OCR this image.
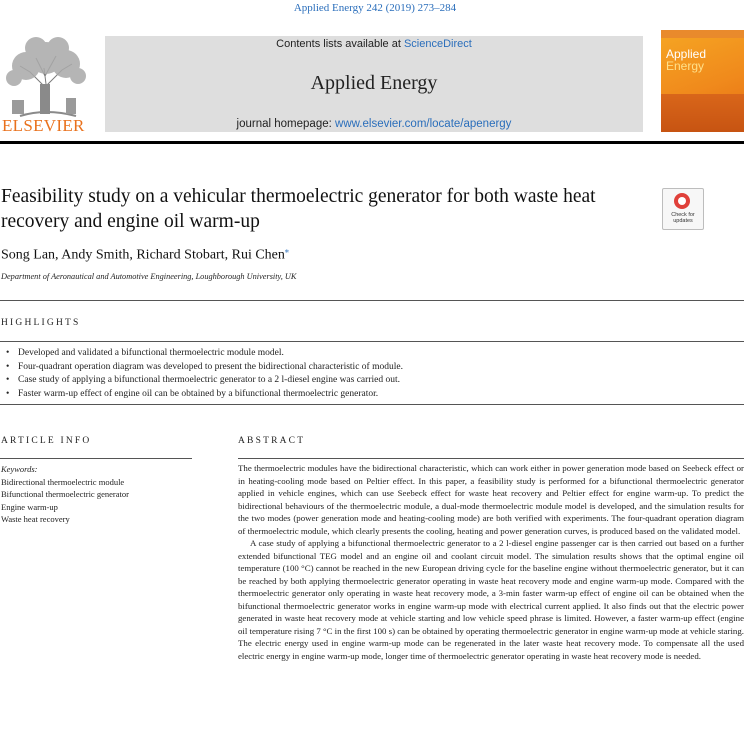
Applied Energy 242 (2019) 273–284
ELSEVIER
Contents lists available at ScienceDirect
Applied Energy
journal homepage: www.elsevier.com/locate/apenergy
Applied
Energy
Feasibility study on a vehicular thermoelectric generator for both waste heat recovery and engine oil warm-up	Check for updates
Song Lan, Andy Smith, Richard Stobart, Rui Chen⁎
Department of Aeronautical and Automotive Engineering, Loughborough University, UK
HIGHLIGHTS
• Developed and validated a bifunctional thermoelectric module model.
• Four-quadrant operation diagram was developed to present the bidirectional characteristic of module.
• Case study of applying a bifunctional thermoelectric generator to a 2 l-diesel engine was carried out.
• Faster warm-up effect of engine oil can be obtained by a bifunctional thermoelectric generator.
ARTICLE INFO
Keywords:
Bidirectional thermoelectric module
Bifunctional thermoelectric generator
Engine warm-up
Waste heat recovery
ABSTRACT

The thermoelectric modules have the bidirectional characteristic, which can work either in power generation mode based on Seebeck effect or in heating-cooling mode based on Peltier effect. In this paper, a feasibility study is performed for a bifunctional thermoelectric generator applied in vehicle engines, which can use Seebeck effect for waste heat recovery and Peltier effect for engine warm-up. To predict the bidirectional behaviours of the thermoelectric module, a dual-mode thermoelectric module model is developed, and the simulation results for the two modes (power generation mode and heating-cooling mode) are both verified with experiments. The four-quadrant operation diagram of thermoelectric module, which clearly presents the cooling, heating and power generation curves, is produced based on the validated model.

A case study of applying a bifunctional thermoelectric generator to a 2 l-diesel engine passenger car is then carried out based on a further extended bifunctional TEG model and an engine oil and coolant circuit model. The simulation results shows that the optimal engine oil temperature (100 °C) cannot be reached in the new European driving cycle for the baseline engine without thermoelectric generator, but it can be reached by both applying thermoelectric generator operating in waste heat recovery mode and engine warm-up mode. Compared with the thermoelectric generator only operating in waste heat recovery mode, a 3-min faster warm-up effect of engine oil can be obtained when the bifunctional thermoelectric generator works in engine warm-up mode with electrical current applied. It also finds out that the electric power generated in waste heat recovery mode at vehicle starting and low vehicle speed phrase is limited. However, a faster warm-up effect (engine oil temperature rising 7 °C in the first 100 s) can be obtained by operating thermoelectric generator in engine warm-up mode at vehicle staring. The electric energy used in engine warm-up mode can be regenerated in the later waste heat recovery mode. To compensate all the used electric energy in engine warm-up mode, longer time of thermoelectric generator operating in waste heat recovery mode is needed.
